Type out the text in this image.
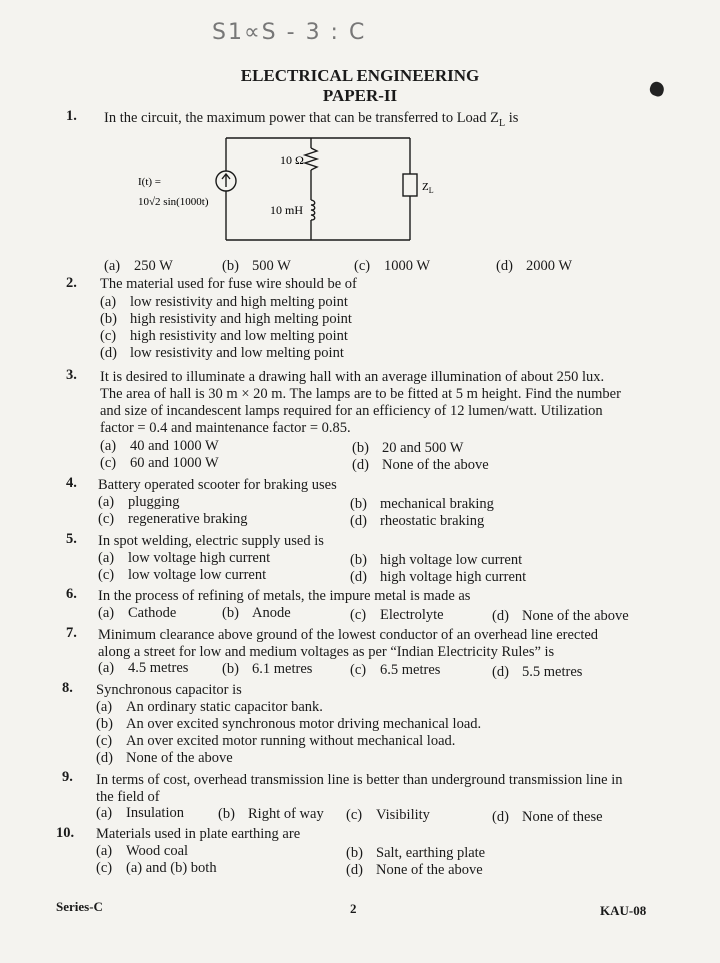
S1∝S - 3 : C
ELECTRICAL ENGINEERING
PAPER-II
1. In the circuit, the maximum power that can be transferred to Load $Z_L$ is
10 Ω
10 mH
I(t) =
10√2 sin(1000t)
$Z_L$
(a) 250 W	(b) 500 W	(c) 1000 W	(d) 2000 W
2. The material used for fuse wire should be of
(a) low resistivity and high melting point
(b) high resistivity and high melting point
(c) high resistivity and low melting point
(d) low resistivity and low melting point
3. It is desired to illuminate a drawing hall with an average illumination of about 250 lux.
The area of hall is 30 m × 20 m. The lamps are to be fitted at 5 m height. Find the number
and size of incandescent lamps required for an efficiency of 12 lumen/watt. Utilization
factor = 0.4 and maintenance factor = 0.85.
(a) 40 and 1000 W	(b) 20 and 500 W
(c) 60 and 1000 W	(d) None of the above
4. Battery operated scooter for braking uses
(a) plugging	(b) mechanical braking
(c) regenerative braking	(d) rheostatic braking
5. In spot welding, electric supply used is
(a) low voltage high current	(b) high voltage low current
(c) low voltage low current	(d) high voltage high current
6. In the process of refining of metals, the impure metal is made as
(a) Cathode	(b) Anode	(c) Electrolyte	(d) None of the above
7. Minimum clearance above ground of the lowest conductor of an overhead line erected
along a street for low and medium voltages as per “Indian Electricity Rules” is
(a) 4.5 metres (b) 6.1 metres	(c) 6.5 metres	(d) 5.5 metres
8. Synchronous capacitor is
(a) An ordinary static capacitor bank.
(b) An over excited synchronous motor driving mechanical load.
(c) An over excited motor running without mechanical load.
(d) None of the above
9. In terms of cost, overhead transmission line is better than underground transmission line in
the field of
(a) Insulation (b) Right of way (c) Visibility	(d) None of these
10. Materials used in plate earthing are
(a) Wood coal	(b) Salt, earthing plate
(c) (a) and (b) both	(d) None of the above
Series-C	2	KAU-08
